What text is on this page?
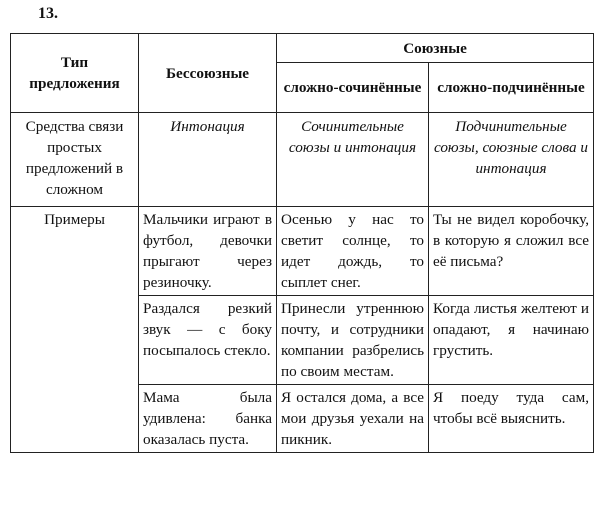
13.
Тип предложения	Бессоюзные	Союзные	
		сложно-сочинённые	сложно-подчинённые
Средства связи простых предложений в сложном	Интонация	Сочинительные союзы и интонация	Подчинительные союзы, союзные слова и интонация
Примеры	Мальчики играют в футбол, девочки прыгают через резиночку.	Осенью у нас то светит солнце, то идет дождь, то сыплет снег.	Ты не видел коробочку, в которую я сложил все её письма?
	Раздался резкий звук — с боку посыпалось стекло.	Принесли утреннюю почту, и сотрудники компании разбрелись по своим местам.	Когда листья желтеют и опадают, я начинаю грустить.
	Мама была удивлена: банка оказалась пуста.	Я остался дома, а все мои друзья уехали на пикник.	Я поеду туда сам, чтобы всё выяснить.
